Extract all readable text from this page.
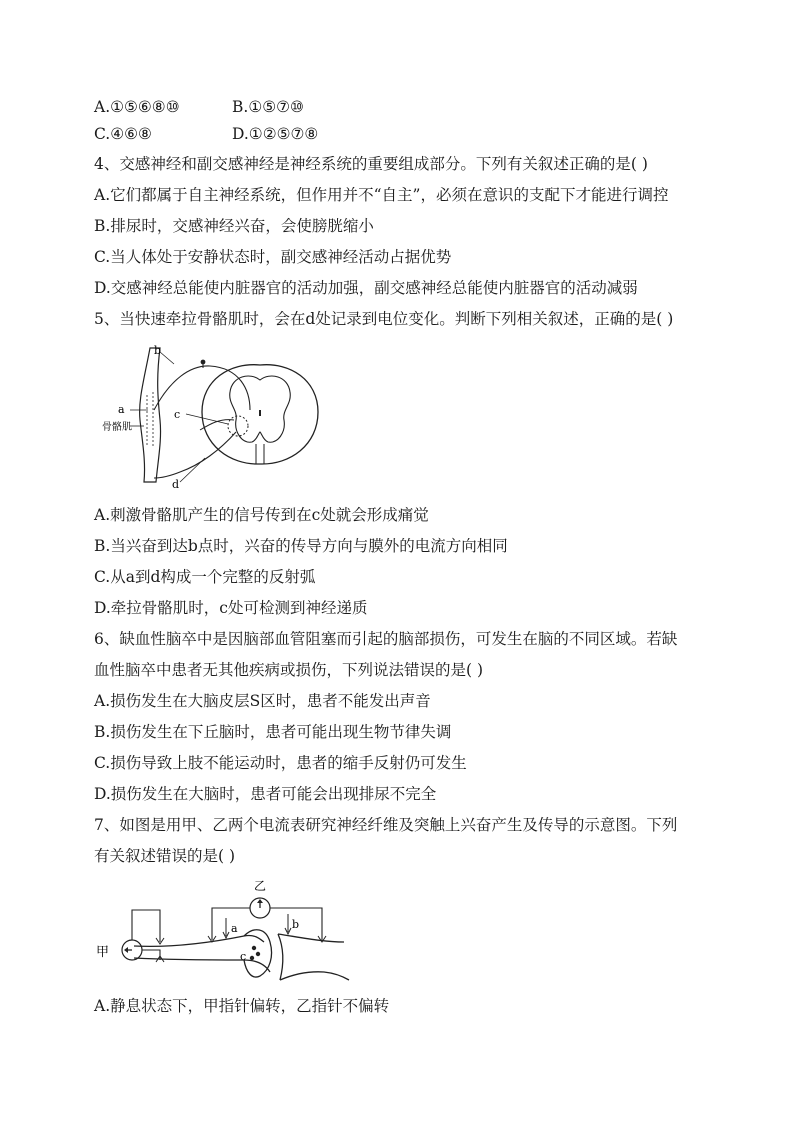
A.①⑤⑥⑧⑩	B.①⑤⑦⑩
C.④⑥⑧	D.①②⑤⑦⑧
4、交感神经和副交感神经是神经系统的重要组成部分。下列有关叙述正确的是( )
A.它们都属于自主神经系统，但作用并不“自主”，必须在意识的支配下才能进行调控
B.排尿时，交感神经兴奋，会使膀胱缩小
C.当人体处于安静状态时，副交感神经活动占据优势
D.交感神经总能使内脏器官的活动加强，副交感神经总能使内脏器官的活动减弱
5、当快速牵拉骨骼肌时，会在d处记录到电位变化。判断下列相关叙述，正确的是( )
b
a
骨骼肌
c
d
A.刺激骨骼肌产生的信号传到在c处就会形成痛觉
B.当兴奋到达b点时，兴奋的传导方向与膜外的电流方向相同
C.从a到d构成一个完整的反射弧
D.牵拉骨骼肌时，c处可检测到神经递质
6、缺血性脑卒中是因脑部血管阻塞而引起的脑部损伤，可发生在脑的不同区域。若缺
血性脑卒中患者无其他疾病或损伤，下列说法错误的是( )
A.损伤发生在大脑皮层S区时，患者不能发出声音
B.损伤发生在下丘脑时，患者可能出现生物节律失调
C.损伤导致上肢不能运动时，患者的缩手反射仍可发生
D.损伤发生在大脑时，患者可能会出现排尿不完全
7、如图是用甲、乙两个电流表研究神经纤维及突触上兴奋产生及传导的示意图。下列
有关叙述错误的是( )
甲
乙
a	b
c
A.静息状态下，甲指针偏转，乙指针不偏转
